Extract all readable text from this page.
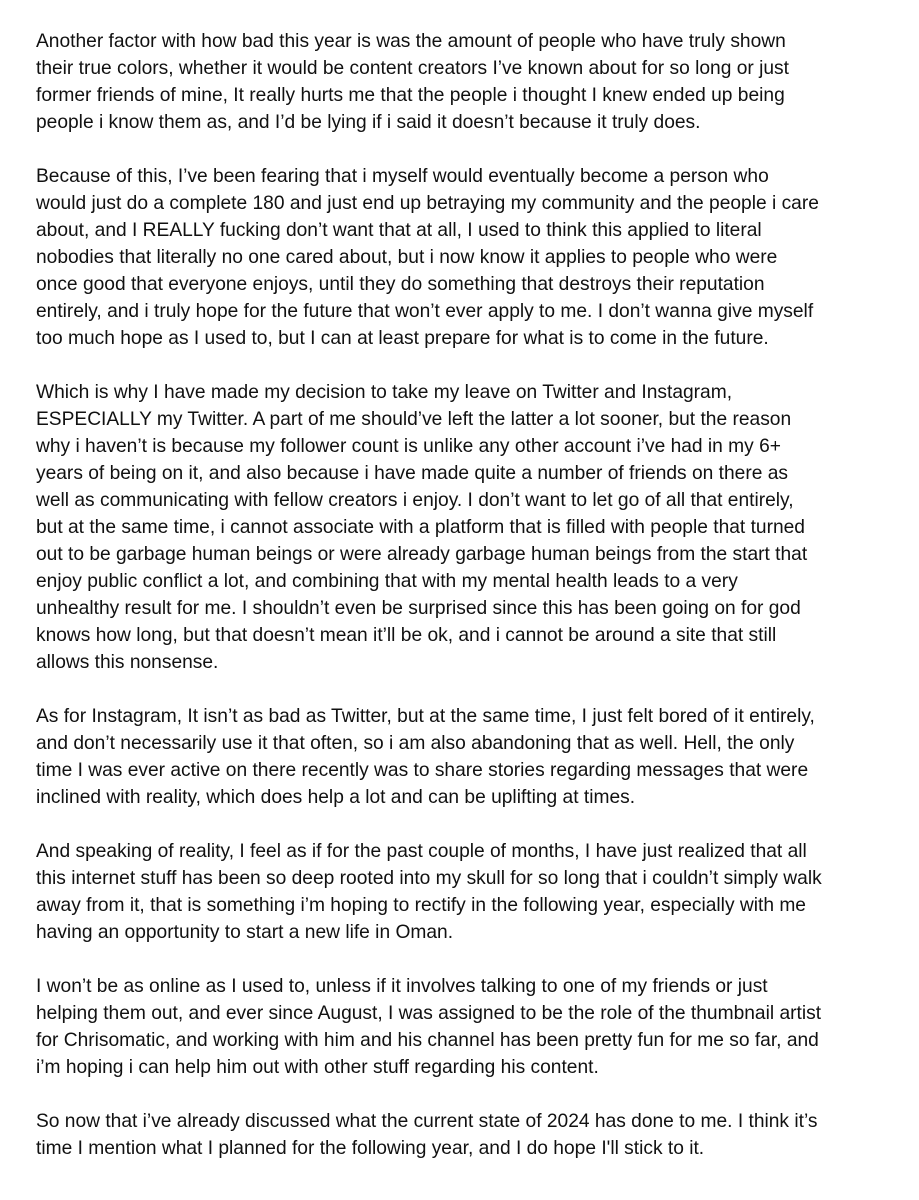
Another factor with how bad this year is was the amount of people who have truly shown
their true colors, whether it would be content creators I’ve known about for so long or just
former friends of mine, It really hurts me that the people i thought I knew ended up being
people i know them as, and I’d be lying if i said it doesn’t because it truly does.

Because of this, I’ve been fearing that i myself would eventually become a person who
would just do a complete 180 and just end up betraying my community and the people i care
about, and I REALLY fucking don’t want that at all, I used to think this applied to literal
nobodies that literally no one cared about, but i now know it applies to people who were
once good that everyone enjoys, until they do something that destroys their reputation
entirely, and i truly hope for the future that won’t ever apply to me. I don’t wanna give myself
too much hope as I used to, but I can at least prepare for what is to come in the future.

Which is why I have made my decision to take my leave on Twitter and Instagram,
ESPECIALLY my Twitter. A part of me should’ve left the latter a lot sooner, but the reason
why i haven’t is because my follower count is unlike any other account i’ve had in my 6+
years of being on it, and also because i have made quite a number of friends on there as
well as communicating with fellow creators i enjoy. I don’t want to let go of all that entirely,
but at the same time, i cannot associate with a platform that is filled with people that turned
out to be garbage human beings or were already garbage human beings from the start that
enjoy public conflict a lot, and combining that with my mental health leads to a very
unhealthy result for me. I shouldn’t even be surprised since this has been going on for god
knows how long, but that doesn’t mean it’ll be ok, and i cannot be around a site that still
allows this nonsense.

As for Instagram, It isn’t as bad as Twitter, but at the same time, I just felt bored of it entirely,
and don’t necessarily use it that often, so i am also abandoning that as well. Hell, the only
time I was ever active on there recently was to share stories regarding messages that were
inclined with reality, which does help a lot and can be uplifting at times.

And speaking of reality, I feel as if for the past couple of months, I have just realized that all
this internet stuff has been so deep rooted into my skull for so long that i couldn’t simply walk
away from it, that is something i’m hoping to rectify in the following year, especially with me
having an opportunity to start a new life in Oman.

I won’t be as online as I used to, unless if it involves talking to one of my friends or just
helping them out, and ever since August, I was assigned to be the role of the thumbnail artist
for Chrisomatic, and working with him and his channel has been pretty fun for me so far, and
i’m hoping i can help him out with other stuff regarding his content.

So now that i’ve already discussed what the current state of 2024 has done to me. I think it’s
time I mention what I planned for the following year, and I do hope I'll stick to it.
